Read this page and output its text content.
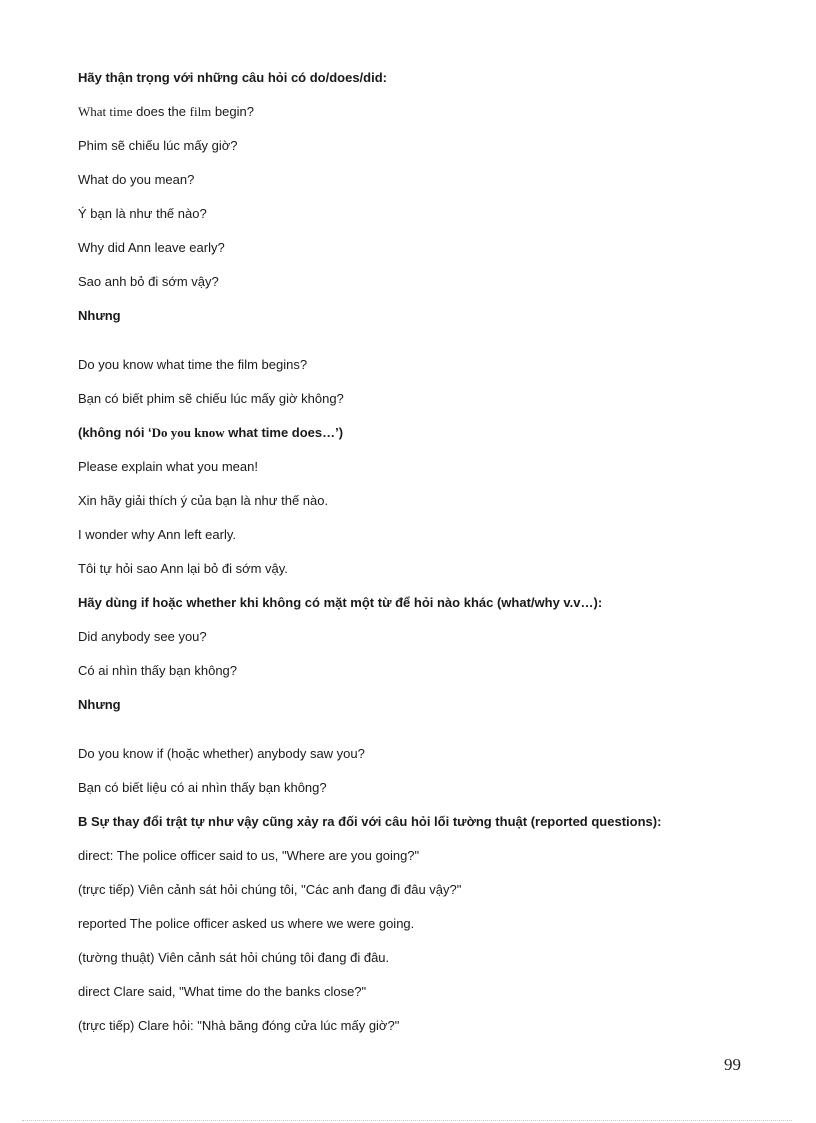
Hãy thận trọng với những câu hỏi có do/does/did:
What time does the film begin?
Phim sẽ chiếu lúc mấy giờ?
What do you mean?
Ý bạn là như thế nào?
Why did Ann leave early?
Sao anh bỏ đi sớm vậy?
Nhưng
Do you know what time the film begins?
Bạn có biết phim sẽ chiếu lúc mấy giờ không?
(không nói ‘Do you know what time does…’)
Please explain what you mean!
Xin hãy giải thích ý của bạn là như thế nào.
I wonder why Ann left early.
Tôi tự hỏi sao Ann lại bỏ đi sớm vậy.
Hãy dùng if hoặc whether khi không có mặt một từ để hỏi nào khác (what/why v.v…):
Did anybody see you?
Có ai nhìn thấy bạn không?
Nhưng
Do you know if (hoặc whether) anybody saw you?
Bạn có biết liệu có ai nhìn thấy bạn không?
B Sự thay đổi trật tự như vậy cũng xảy ra đối với câu hỏi lối tường thuật (reported questions):
direct: The police officer said to us, "Where are you going?"
(trực tiếp) Viên cảnh sát hỏi chúng tôi, "Các anh đang đi đâu vậy?"
reported The police officer asked us where we were going.
(tường thuật) Viên cảnh sát hỏi chúng tôi đang đi đâu.
direct Clare said, "What time do the banks close?"
(trực tiếp) Clare hỏi: "Nhà băng đóng cửa lúc mấy giờ?"
99
